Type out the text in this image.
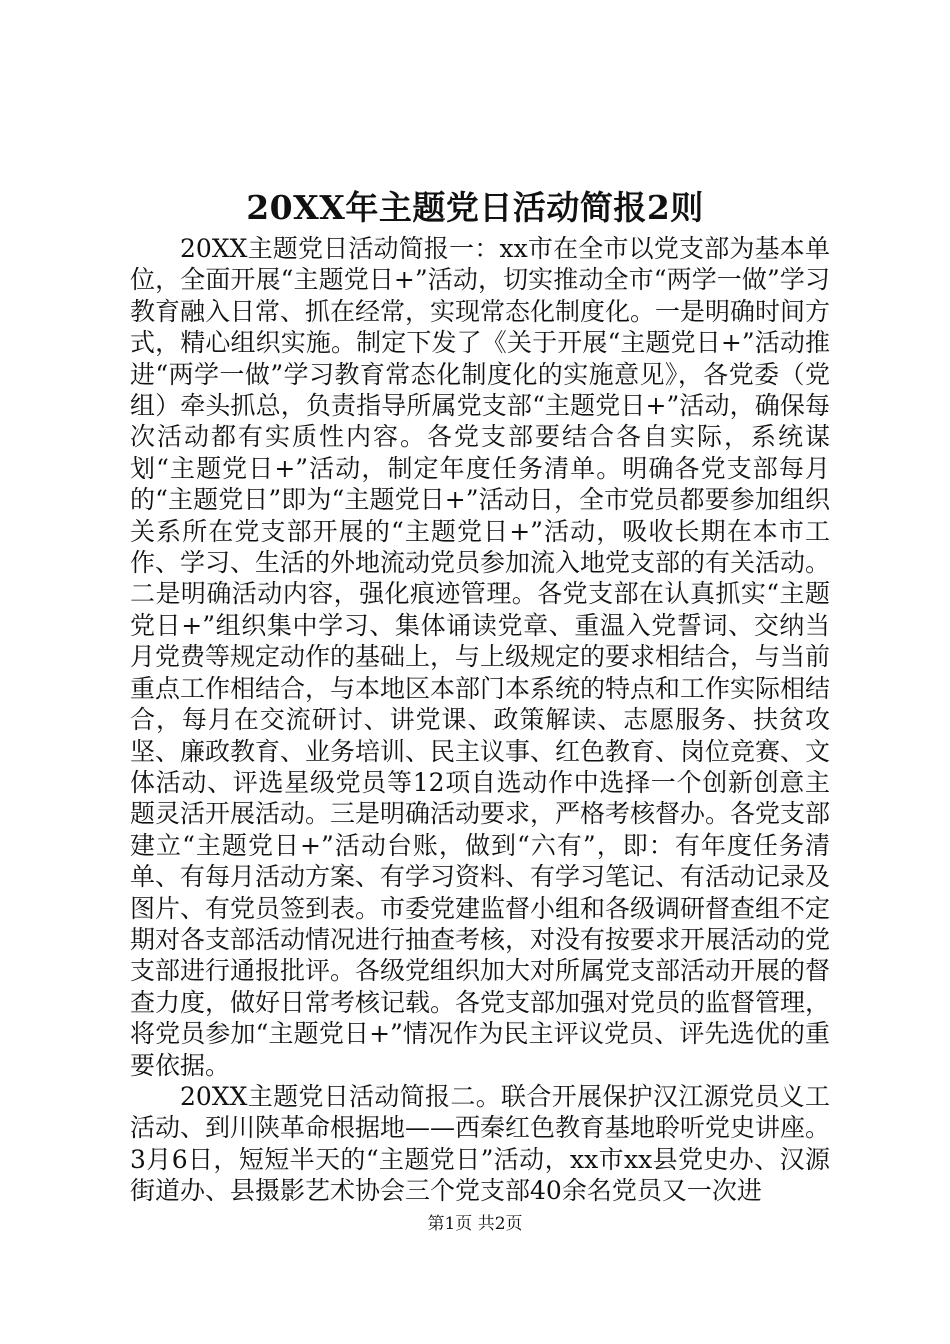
20XX年主题党日活动简报2则

20XX主题党日活动简报一：xx市在全市以党支部为基本单位，全面开展“主题党日+”活动，切实推动全市“两学一做”学习教育融入日常、抓在经常，实现常态化制度化。一是明确时间方式，精心组织实施。制定下发了《关于开展“主题党日+”活动推进“两学一做”学习教育常态化制度化的实施意见》，各党委（党组）牵头抓总，负责指导所属党支部“主题党日+”活动，确保每次活动都有实质性内容。各党支部要结合各自实际，系统谋划“主题党日+”活动，制定年度任务清单。明确各党支部每月的“主题党日”即为“主题党日+”活动日，全市党员都要参加组织关系所在党支部开展的“主题党日+”活动，吸收长期在本市工作、学习、生活的外地流动党员参加流入地党支部的有关活动。二是明确活动内容，强化痕迹管理。各党支部在认真抓实“主题党日+”组织集中学习、集体诵读党章、重温入党誓词、交纳当月党费等规定动作的基础上，与上级规定的要求相结合，与当前重点工作相结合，与本地区本部门本系统的特点和工作实际相结合，每月在交流研讨、讲党课、政策解读、志愿服务、扶贫攻坚、廉政教育、业务培训、民主议事、红色教育、岗位竞赛、文体活动、评选星级党员等12项自选动作中选择一个创新创意主题灵活开展活动。三是明确活动要求，严格考核督办。各党支部建立“主题党日+”活动台账，做到“六有”，即：有年度任务清单、有每月活动方案、有学习资料、有学习笔记、有活动记录及图片、有党员签到表。市委党建监督小组和各级调研督查组不定期对各支部活动情况进行抽查考核，对没有按要求开展活动的党支部进行通报批评。各级党组织加大对所属党支部活动开展的督查力度，做好日常考核记载。各党支部加强对党员的监督管理，将党员参加“主题党日+”情况作为民主评议党员、评先选优的重要依据。

20XX主题党日活动简报二。联合开展保护汉江源党员义工活动、到川陕革命根据地——西秦红色教育基地聆听党史讲座。3月6日，短短半天的“主题党日”活动，xx市xx县党史办、汉源街道办、县摄影艺术协会三个党支部40余名党员又一次进

第1页 共2页
